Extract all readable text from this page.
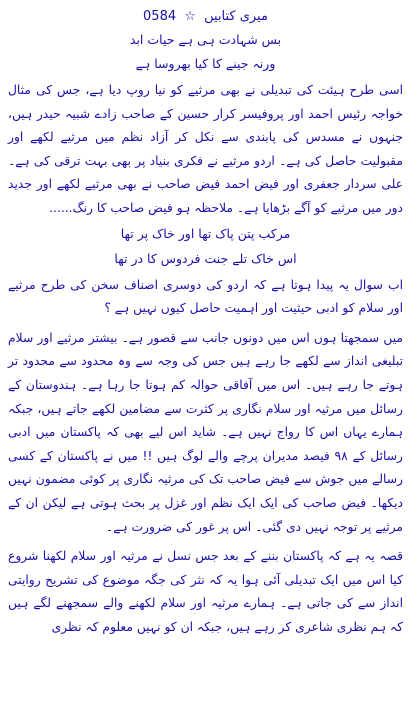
میری کتابیں ☆ 0584
بس شہادت ہی ہے حیات ابد
ورنہ جینے کا کیا بھروسا ہے

اسی طرح ہیئت کی تبدیلی نے بھی مرثیے کو نیا روپ دیا ہے، جس کی مثال خواجہ رئیس احمد اور پروفیسر کرار حسین کے صاحب زادے شبیہ حیدر ہیں، جنہوں نے مسدس کی پابندی سے نکل کر آزاد نظم میں مرثیے لکھے اور مقبولیت حاصل کی ہے۔ اردو مرثیے نے فکری بنیاد پر بھی بہت ترقی کی ہے۔ علی سردار جعفری اور فیض احمد فیض صاحب نے بھی مرثیے لکھے اور جدید دور میں مرثیے کو آگے بڑھایا ہے۔ ملاحظہ ہو فیض صاحب کا رنگ......

مرکب پتن پاک تھا اور خاک پر تھا
اس خاک تلے جنت فردوس کا در تھا

اب سوال یہ پیدا ہوتا ہے کہ اردو کی دوسری اصناف سخن کی طرح مرثیے اور سلام کو ادبی حیثیت اور اہمیت حاصل کیوں نہیں ہے ؟

میں سمجھتا ہوں اس میں دونوں جانب سے قصور ہے۔ بیشتر مرثیے اور سلام تبلیغی انداز سے لکھے جا رہے ہیں جس کی وجہ سے وہ محدود سے محدود تر ہوتے جا رہے ہیں۔ اس میں آفاقی حوالہ کم ہوتا جا رہا ہے۔ ہندوستان کے رسائل میں مرثیہ اور سلام نگاری پر کثرت سے مضامین لکھے جاتے ہیں، جبکہ ہمارے یہاں اس کا رواج نہیں ہے۔ شاید اس لیے بھی کہ پاکستان میں ادبی رسائل کے ۹۸ فیصد مدیران پرچے والے لوگ ہیں !! میں نے پاکستان کے کسی رسالے میں جوش سے فیض صاحب تک کی مرثیہ نگاری پر کوئی مضمون نہیں دیکھا۔ فیض صاحب کی ایک ایک نظم اور غزل پر بحث ہوتی ہے لیکن ان کے مرثیے پر توجہ نہیں دی گئی۔ اس پر غور کی ضرورت ہے۔

قصہ یہ ہے کہ پاکستان بننے کے بعد جس نسل نے مرثیہ اور سلام لکھنا شروع کیا اس میں ایک تبدیلی آئی ہوا یہ کہ نثر کی جگہ موضوع کی تشریح روایتی انداز سے کی جاتی ہے۔ ہمارے مرثیہ اور سلام لکھنے والے سمجھنے لگے ہیں کہ ہم نظری شاعری کر رہے ہیں، جبکہ ان کو نہیں معلوم کہ نظری
